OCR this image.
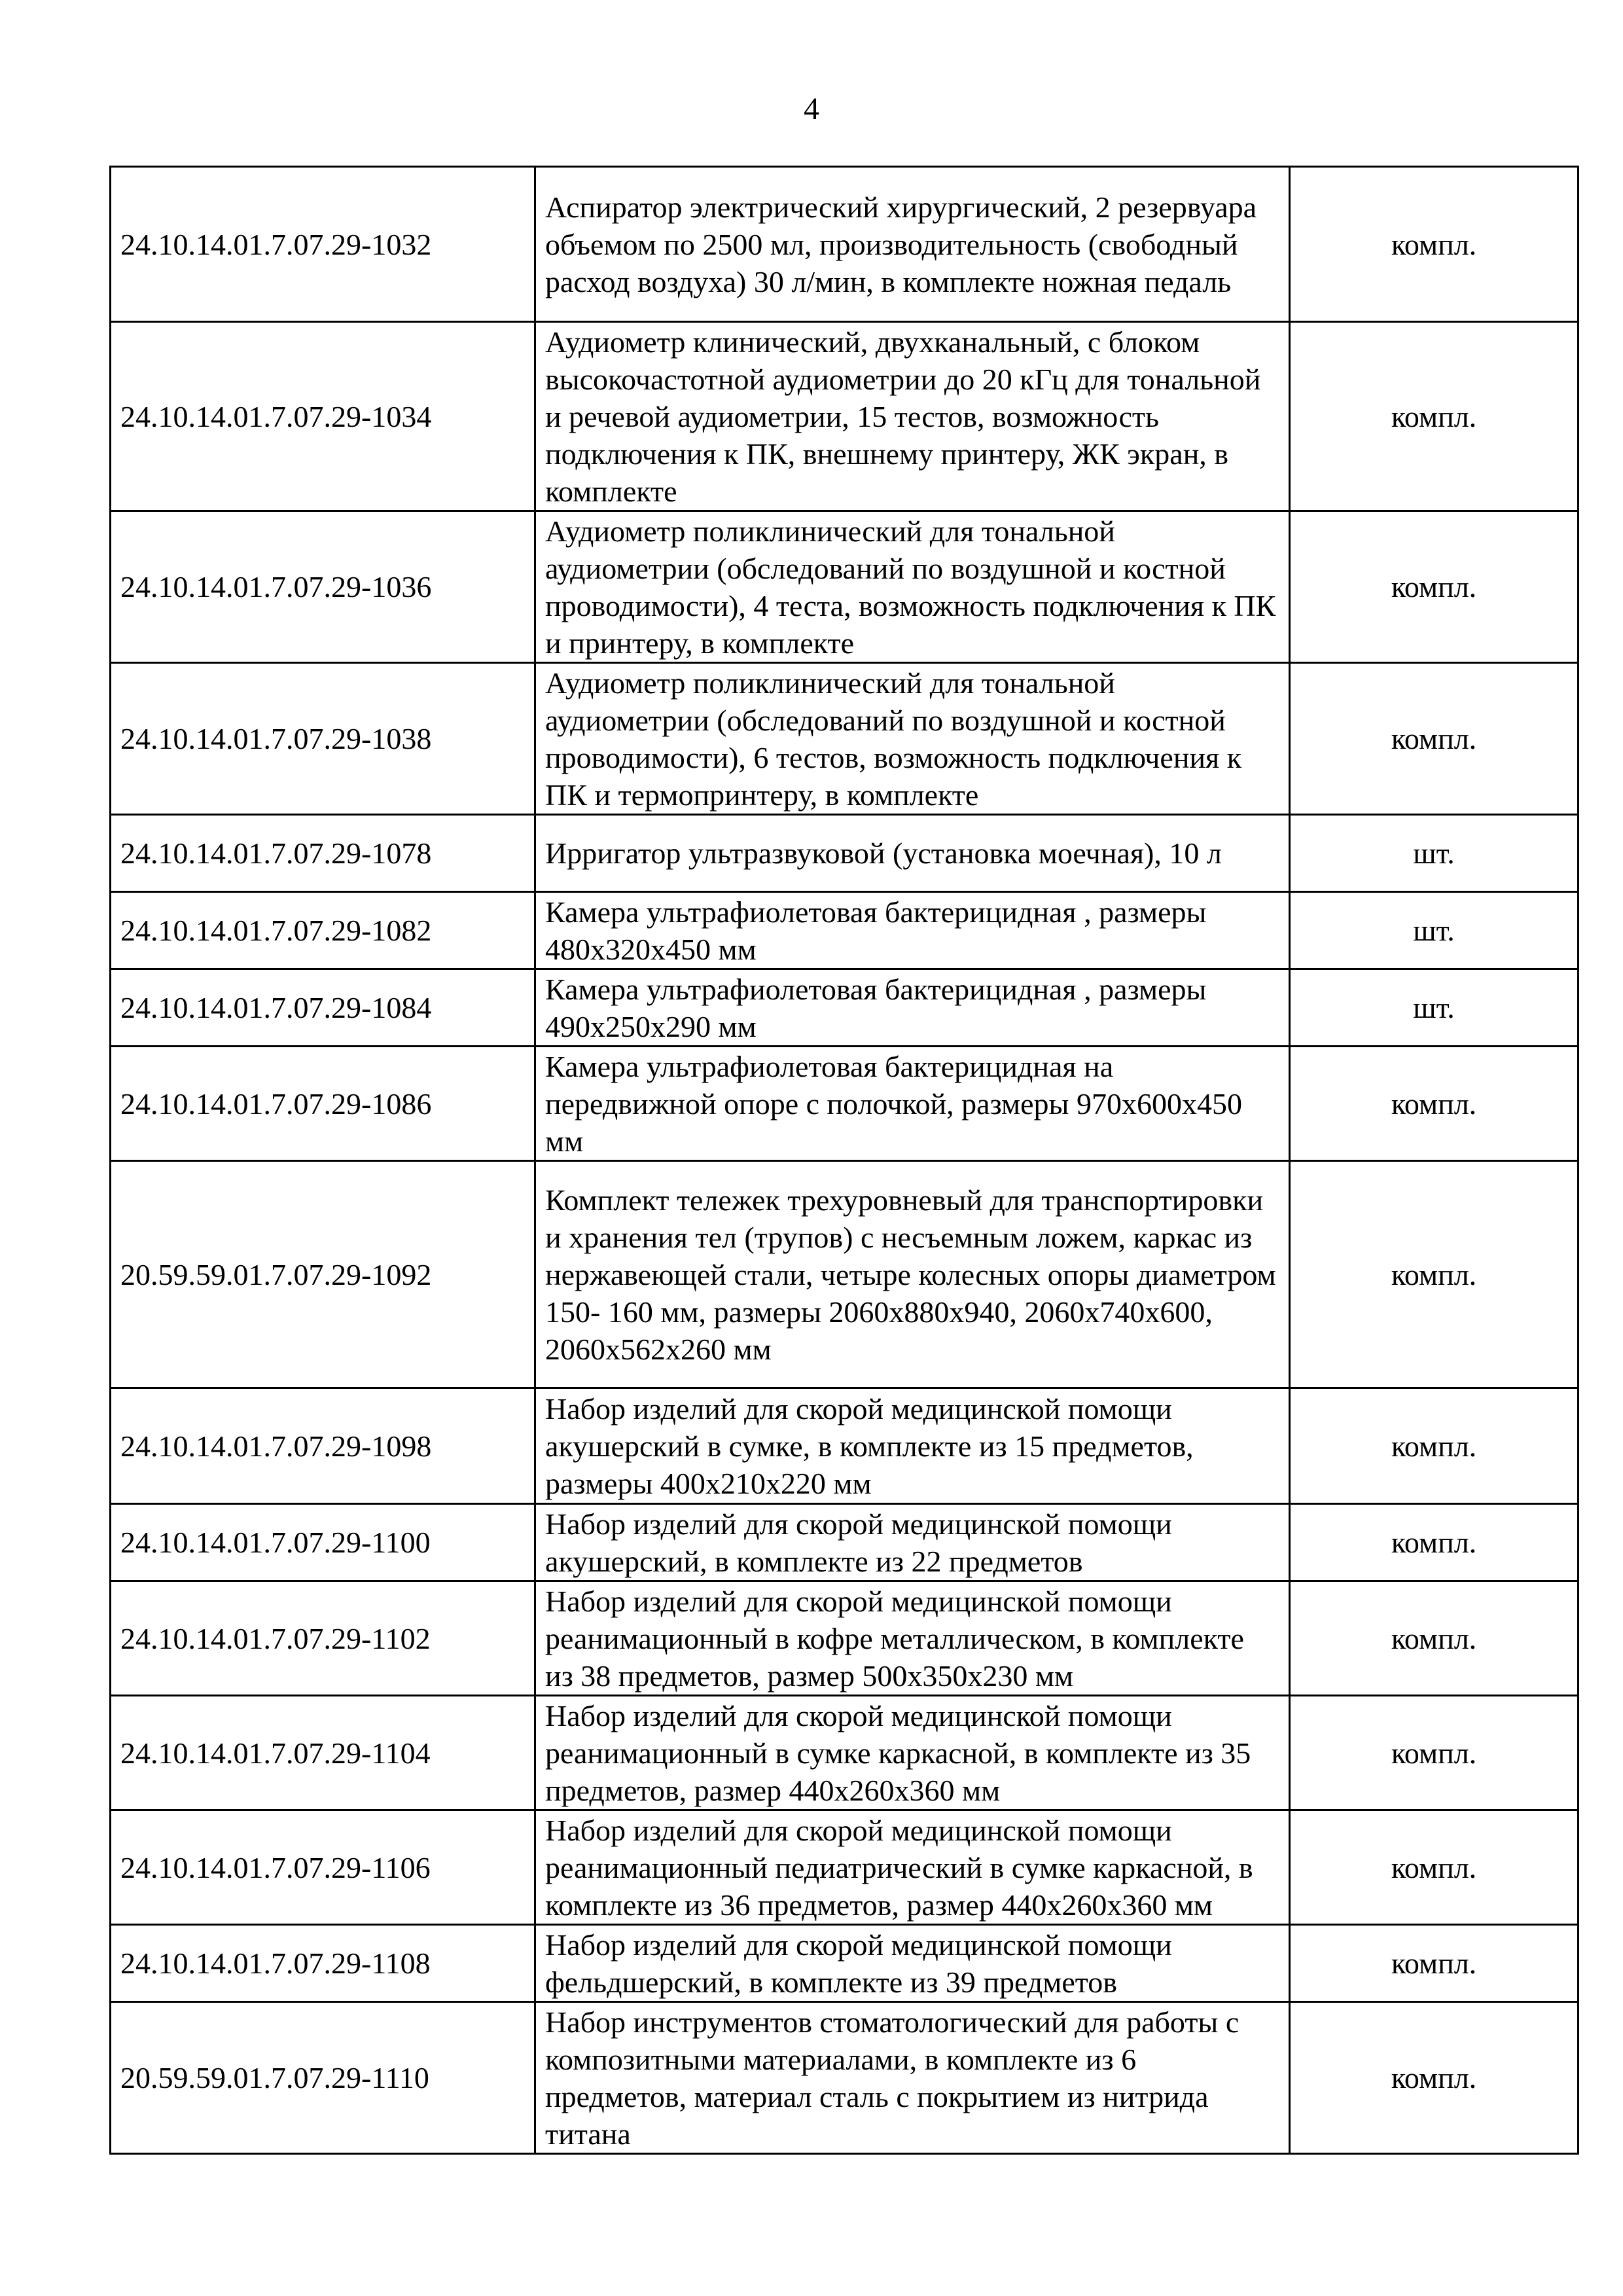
4
24.10.14.01.7.07.29-1032	Аспиратор электрический хирургический, 2 резервуара объемом по 2500 мл, производительность (свободный расход воздуха) 30 л/мин, в комплекте ножная педаль	компл.
24.10.14.01.7.07.29-1034	Аудиометр клинический, двухканальный, с блоком высокочастотной аудиометрии до 20 кГц для тональной и речевой аудиометрии, 15 тестов, возможность подключения к ПК, внешнему принтеру, ЖК экран, в комплекте	компл.
24.10.14.01.7.07.29-1036	Аудиометр поликлинический для тональной аудиометрии (обследований по воздушной и костной проводимости), 4 теста, возможность подключения к ПК и принтеру, в комплекте	компл.
24.10.14.01.7.07.29-1038	Аудиометр поликлинический для тональной аудиометрии (обследований по воздушной и костной проводимости), 6 тестов, возможность подключения к ПК и термопринтеру, в комплекте	компл.
24.10.14.01.7.07.29-1078	Ирригатор ультразвуковой (установка моечная), 10 л	шт.
24.10.14.01.7.07.29-1082	Камера ультрафиолетовая бактерицидная , размеры 480х320х450 мм	шт.
24.10.14.01.7.07.29-1084	Камера ультрафиолетовая бактерицидная , размеры 490х250х290 мм	шт.
24.10.14.01.7.07.29-1086	Камера ультрафиолетовая бактерицидная на передвижной опоре с полочкой, размеры 970х600х450 мм	компл.
20.59.59.01.7.07.29-1092	Комплект тележек трехуровневый для транспортировки и хранения тел (трупов) с несъемным ложем, каркас из нержавеющей стали, четыре колесных опоры диаметром 150- 160 мм, размеры 2060х880х940, 2060х740х600, 2060х562х260 мм	компл.
24.10.14.01.7.07.29-1098	Набор изделий для скорой медицинской помощи акушерский в сумке, в комплекте из 15 предметов, размеры 400х210х220 мм	компл.
24.10.14.01.7.07.29-1100	Набор изделий для скорой медицинской помощи акушерский, в комплекте из 22 предметов	компл.
24.10.14.01.7.07.29-1102	Набор изделий для скорой медицинской помощи реанимационный в кофре металлическом, в комплекте из 38 предметов, размер 500х350х230 мм	компл.
24.10.14.01.7.07.29-1104	Набор изделий для скорой медицинской помощи реанимационный в сумке каркасной, в комплекте из 35 предметов, размер 440х260х360 мм	компл.
24.10.14.01.7.07.29-1106	Набор изделий для скорой медицинской помощи реанимационный педиатрический в сумке каркасной, в комплекте из 36 предметов, размер 440х260х360 мм	компл.
24.10.14.01.7.07.29-1108	Набор изделий для скорой медицинской помощи фельдшерский, в комплекте из 39 предметов	компл.
20.59.59.01.7.07.29-1110	Набор инструментов стоматологический для работы с композитными материалами, в комплекте из 6 предметов, материал сталь с покрытием из нитрида титана	компл.
